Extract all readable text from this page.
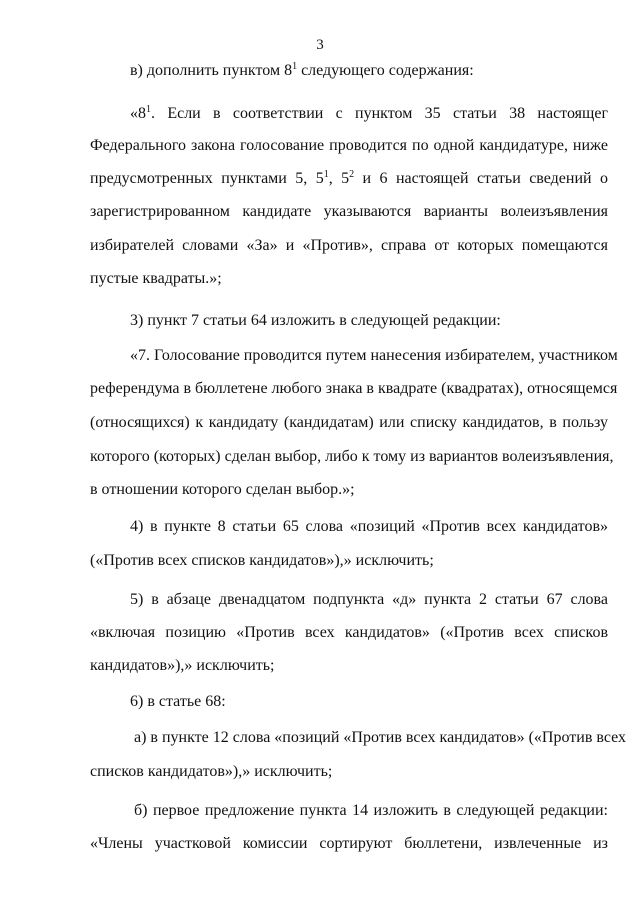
3
в) дополнить пунктом $8^1$ следующего содержания:
«$8^1$. Если в соответствии с пунктом 35 статьи 38 настоящег
Федерального закона голосование проводится по одной кандидатуре, ниже
предусмотренных пунктами 5, $5^1$, $5^2$ и 6 настоящей статьи сведений о
зарегистрированном кандидате указываются варианты волеизъявления
избирателей словами «За» и «Против», справа от которых помещаются
пустые квадраты.»;
3) пункт 7 статьи 64 изложить в следующей редакции:
«7. Голосование проводится путем нанесения избирателем, участником
референдума в бюллетене любого знака в квадрате (квадратах), относящемся
(относящихся) к кандидату (кандидатам) или списку кандидатов, в пользу
которого (которых) сделан выбор, либо к тому из вариантов волеизъявления,
в отношении которого сделан выбор.»;
4) в пункте 8 статьи 65 слова «позиций «Против всех кандидатов»
(«Против всех списков кандидатов»),» исключить;
5) в абзаце двенадцатом подпункта «д» пункта 2 статьи 67 слова
«включая позицию «Против всех кандидатов» («Против всех списков
кандидатов»),» исключить;
6) в статье 68:
а) в пункте 12 слова «позиций «Против всех кандидатов» («Против всех
списков кандидатов»),» исключить;
б) первое предложение пункта 14 изложить в следующей редакции:
«Члены участковой комиссии сортируют бюллетени, извлеченные из
